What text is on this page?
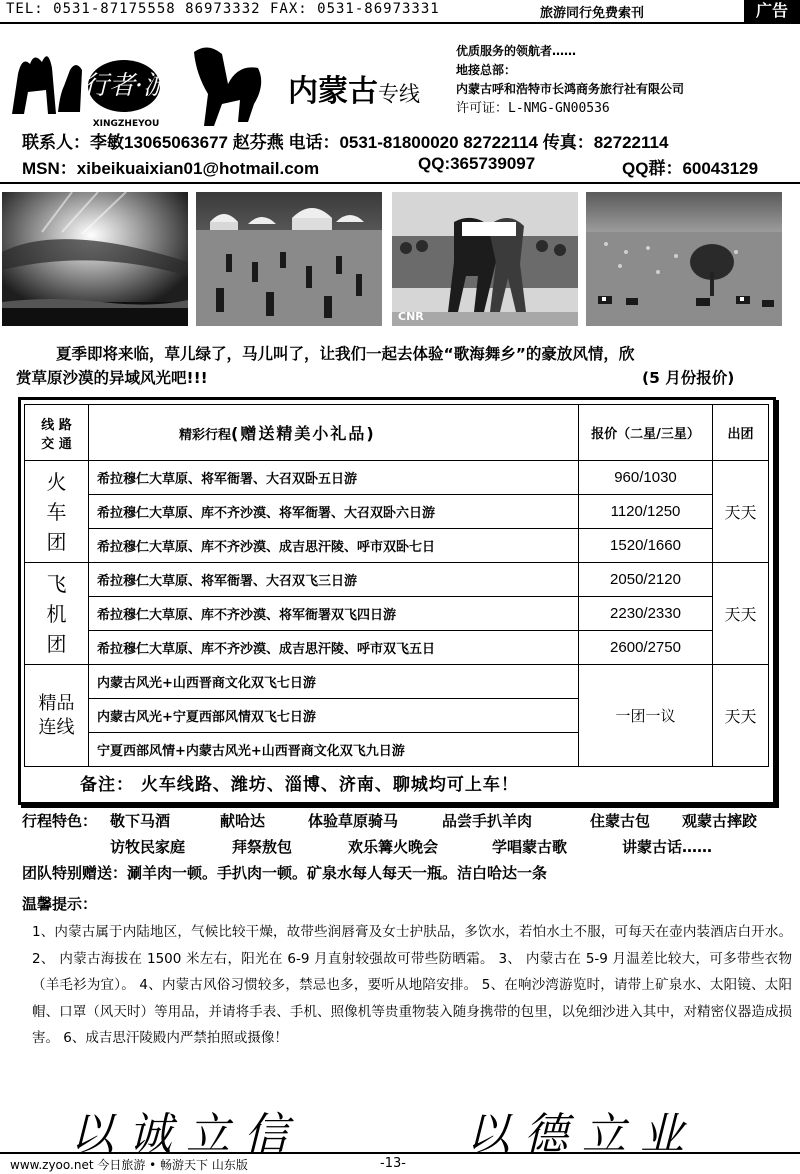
TEL: 0531-87175558 86973332 FAX: 0531-86973331	旅游同行免费索刊	广告
行者·游
XINGZHEYOU
内蒙古专线
优质服务的领航者……
地接总部：
内蒙古呼和浩特市长鸿商务旅行社有限公司
许可证：L-NMG-GN00536
联系人：李敏13065063677 赵芬燕 电话：0531-81800020 82722114 传真：82722114
MSN：xibeikuaixian01@hotmail.com	QQ:365739097	QQ群：60043129
CNR
夏季即将来临，草儿绿了，马儿叫了，让我们一起去体验“歌海舞乡”的豪放风情，欣
赏草原沙漠的异域风光吧!!!	(5 月份报价)
线 路
交 通	精彩行程(赠送精美小礼品)	报价（二星/三星）	出团

火
车
团	希拉穆仁大草原、将军衙署、大召双卧五日游	960/1030	天天
	希拉穆仁大草原、库不齐沙漠、将军衙署、大召双卧六日游	1120/1250	
	希拉穆仁大草原、库不齐沙漠、成吉思汗陵、呼市双卧七日	1520/1660	

飞
机
团	希拉穆仁大草原、将军衙署、大召双飞三日游	2050/2120	天天
	希拉穆仁大草原、库不齐沙漠、将军衙署双飞四日游	2230/2330	
	希拉穆仁大草原、库不齐沙漠、成吉思汗陵、呼市双飞五日	2600/2750	

精品
连线	内蒙古风光+山西晋商文化双飞七日游	一团一议	天天
	内蒙古风光+宁夏西部风情双飞七日游		
	宁夏西部风情+内蒙古风光+山西晋商文化双飞九日游		
备注： 火车线路、潍坊、淄博、济南、聊城均可上车！
行程特色： 敬下马酒	献哈达	体验草原骑马	品尝手扒羊肉	住蒙古包 观蒙古摔跤
访牧民家庭	拜祭敖包	欢乐篝火晚会	学唱蒙古歌	讲蒙古话……
团队特别赠送：涮羊肉一顿。手扒肉一顿。矿泉水每人每天一瓶。洁白哈达一条
温馨提示：
1、内蒙古属于内陆地区，气候比较干燥，故带些润唇膏及女士护肤品，多饮水，若怕水土不服，可每天在壶内装酒店白开水。 2、 内蒙古海拔在 1500 米左右，阳光在 6-9 月直射较强故可带些防晒霜。 3、 内蒙古在 5-9 月温差比较大，可多带些衣物（羊毛衫为宜）。 4、内蒙古风俗习惯较多，禁忌也多，要听从地陪安排。 5、在响沙湾游览时，请带上矿泉水、太阳镜、太阳帽、口罩（风天时）等用品，并请将手表、手机、照像机等贵重物装入随身携带的包里，以免细沙进入其中，对精密仪器造成损害。 6、成吉思汗陵殿内严禁拍照或摄像！
以诚立信	以德立业
www.zyoo.net 今日旅游 • 畅游天下 山东版	-13-
